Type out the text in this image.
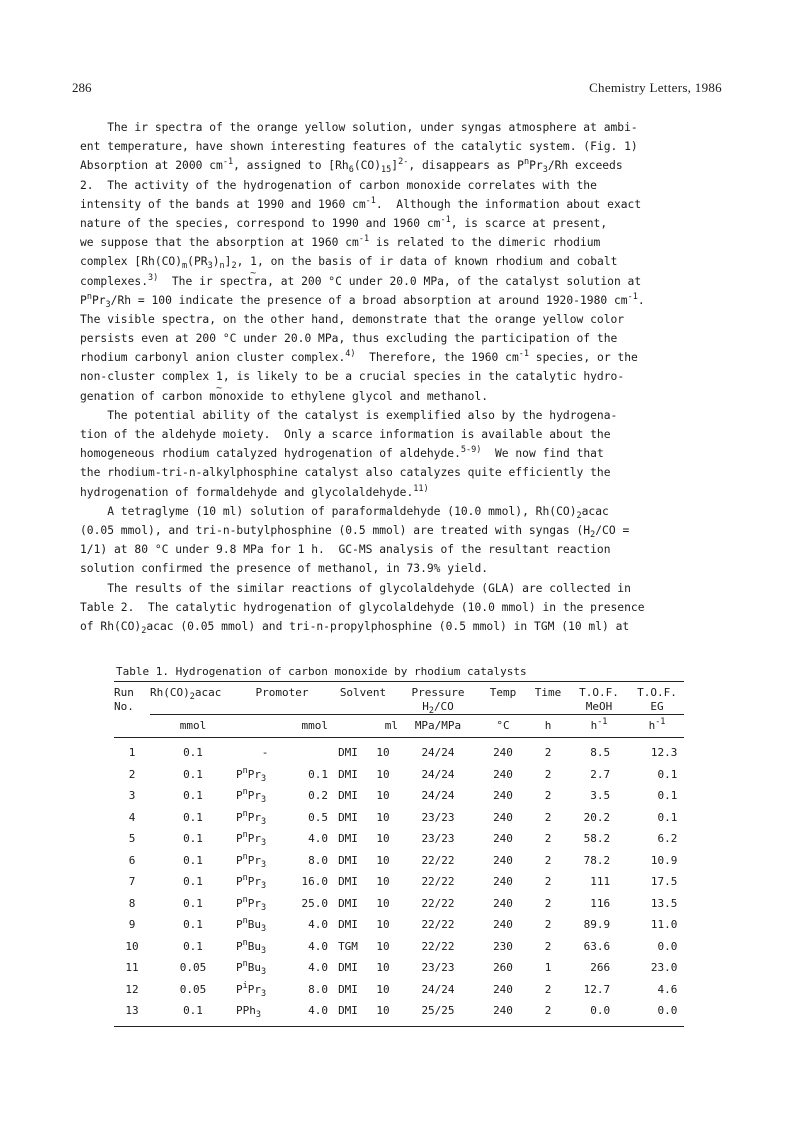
286	Chemistry Letters, 1986
The ir spectra of the orange yellow solution, under syngas atmosphere at ambi-
ent temperature, have shown interesting features of the catalytic system. (Fig. 1)
Absorption at 2000 $cm^{-1}$, assigned to $[Rh_6(CO)_{15}]^{2-}$, disappears as $P^nPr_3/Rh$ exceeds
2.  The activity of the hydrogenation of carbon monoxide correlates with the
intensity of the bands at 1990 and 1960 $cm^{-1}$.  Although the information about exact
nature of the species, correspond to 1990 and 1960 $cm^{-1}$, is scarce at present,
we suppose that the absorption at 1960 $cm^{-1}$ is related to the dimeric rhodium
complex $[Rh(CO)_m(PR_3)_n]_2$, 1 ~, on the basis of ir data of known rhodium and cobalt
complexes.$^{3)}$  The ir spectra, at 200 °C under 20.0 MPa, of the catalyst solution at
$P^nPr_3/Rh = 100$ indicate the presence of a broad absorption at around 1920-1980 $cm^{-1}$.
The visible spectra, on the other hand, demonstrate that the orange yellow color
persists even at 200 °C under 20.0 MPa, thus excluding the participation of the
rhodium carbonyl anion cluster complex.$^{4)}$  Therefore, the 1960 $cm^{-1}$ species, or the
non-cluster complex 1 ~, is likely to be a crucial species in the catalytic hydro-
genation of carbon monoxide to ethylene glycol and methanol.
The potential ability of the catalyst is exemplified also by the hydrogena-
tion of the aldehyde moiety.  Only a scarce information is available about the
homogeneous rhodium catalyzed hydrogenation of aldehyde.$^{5-9)}$  We now find that
the rhodium-tri-n-alkylphosphine catalyst also catalyzes quite efficiently the
hydrogenation of formaldehyde and glycolaldehyde.$^{11)}$
A tetraglyme (10 ml) solution of paraformaldehyde (10.0 mmol), $Rh(CO)_2acac$
(0.05 mmol), and tri-n-butylphosphine (0.5 mmol) are treated with syngas ($H_2/CO$ =
1/1) at 80 °C under 9.8 MPa for 1 h.  GC-MS analysis of the resultant reaction
solution confirmed the presence of methanol, in 73.9% yield.
The results of the similar reactions of glycolaldehyde (GLA) are collected in
Table 2.  The catalytic hydrogenation of glycolaldehyde (10.0 mmol) in the presence
of $Rh(CO)_2acac$ (0.05 mmol) and tri-n-propylphosphine (0.5 mmol) in TGM (10 ml) at
Table 1. Hydrogenation of carbon monoxide by rhodium catalysts

Run	$Rh(CO)_2acac$	Promoter		Solvent		Pressure	Temp	Time	T.O.F.	T.O.F.
No.						$H_2/CO$			MeOH	EG
	mmol	mmol		ml		MPa/MPa	°C	h	$h^{-1}$	$h^{-1}$

1	0.1	-		DMI	10	24/24	240	2	8.5	12.3
2	0.1	$P^nPr_3$	0.1	DMI	10	24/24	240	2	2.7	0.1
3	0.1	$P^nPr_3$	0.2	DMI	10	24/24	240	2	3.5	0.1
4	0.1	$P^nPr_3$	0.5	DMI	10	23/23	240	2	20.2	0.1
5	0.1	$P^nPr_3$	4.0	DMI	10	23/23	240	2	58.2	6.2
6	0.1	$P^nPr_3$	8.0	DMI	10	22/22	240	2	78.2	10.9
7	0.1	$P^nPr_3$	16.0	DMI	10	22/22	240	2	111	17.5
8	0.1	$P^nPr_3$	25.0	DMI	10	22/22	240	2	116	13.5
9	0.1	$P^nBu_3$	4.0	DMI	10	22/22	240	2	89.9	11.0
10	0.1	$P^nBu_3$	4.0	TGM	10	22/22	230	2	63.6	0.0
11	0.05	$P^nBu_3$	4.0	DMI	10	23/23	260	1	266	23.0
12	0.05	$P^iPr_3$	8.0	DMI	10	24/24	240	2	12.7	4.6
13	0.1	PPh$_3$	4.0	DMI	10	25/25	240	2	0.0	0.0
